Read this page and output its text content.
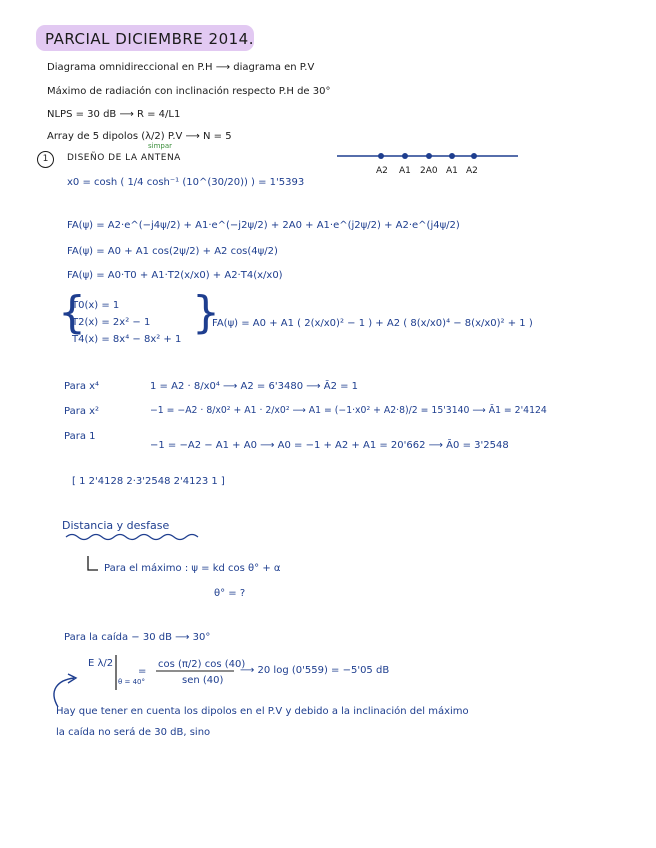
PARCIAL DICIEMBRE 2014.
Diagrama omnidireccional en P.H ⟶ diagrama en P.V
Máximo de radiación con inclinación respecto P.H de 30°
NLPS = 30 dB ⟶ R = 4/L1
Array de 5 dipolos (λ/2) P.V ⟶ N = 5
simpar
1	DISEÑO DE LA ANTENA
A2 A1 2A0 A1 A2
x0 = cosh ( 1/4 cosh⁻¹ (10^(30/20)) ) = 1'5393
FA(ψ) = A2·e^(−j4ψ/2) + A1·e^(−j2ψ/2) + 2A0 + A1·e^(j2ψ/2) + A2·e^(j4ψ/2)
FA(ψ) = A0 + A1 cos(2ψ/2) + A2 cos(4ψ/2)
FA(ψ) = A0·T0 + A1·T2(x/x0) + A2·T4(x/x0)
{
T0(x) = 1
T2(x) = 2x² − 1
T4(x) = 8x⁴ − 8x² + 1
}
FA(ψ) = A0 + A1 ( 2(x/x0)² − 1 ) + A2 ( 8(x/x0)⁴ − 8(x/x0)² + 1 )
Para x⁴	1 = A2 · 8/x0⁴ ⟶ A2 = 6'3480 ⟶ Ā2 = 1
Para x²	−1 = −A2 · 8/x0² + A1 · 2/x0² ⟶ A1 = (−1·x0² + A2·8)/2 = 15'3140 ⟶ Ā1 = 2'4124
Para 1
−1 = −A2 − A1 + A0 ⟶ A0 = −1 + A2 + A1 = 20'662 ⟶ Ā0 = 3'2548
[ 1 2'4128 2·3'2548 2'4123 1 ]
Distancia y desfase
Para el máximo : ψ = kd cos θ° + α
θ° = ?
Para la caída − 30 dB ⟶ 30°
E λ/2
θ = 40°
=
cos (π/2) cos (40)
sen (40)
⟶ 20 log (0'559) = −5'05 dB
Hay que tener en cuenta los dipolos en el P.V y debido a la inclinación del máximo
la caída no será de 30 dB, sino
